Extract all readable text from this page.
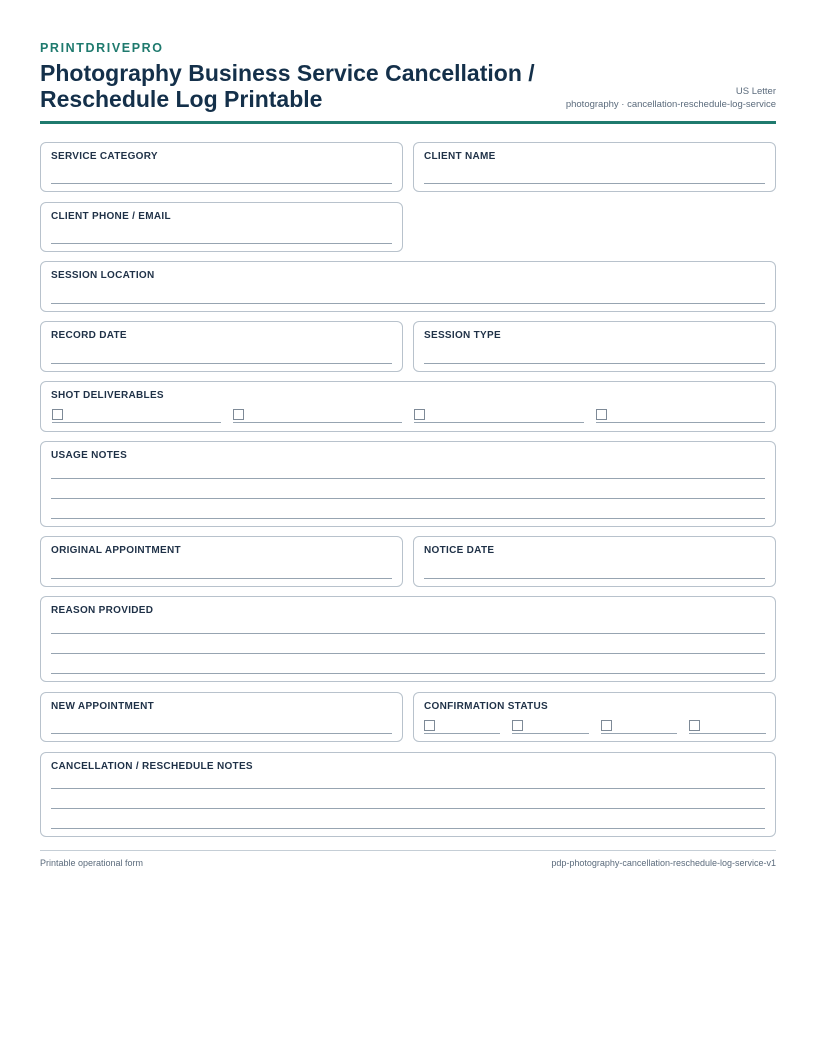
PRINTDRIVEPRO
Photography Business Service Cancellation / Reschedule Log Printable	US Letter
photography · cancellation-reschedule-log-service
SERVICE CATEGORY	CLIENT NAME
CLIENT PHONE / EMAIL
SESSION LOCATION
RECORD DATE	SESSION TYPE
SHOT DELIVERABLES
USAGE NOTES
ORIGINAL APPOINTMENT	NOTICE DATE
REASON PROVIDED
NEW APPOINTMENT	CONFIRMATION STATUS
CANCELLATION / RESCHEDULE NOTES
Printable operational form	pdp-photography-cancellation-reschedule-log-service-v1
